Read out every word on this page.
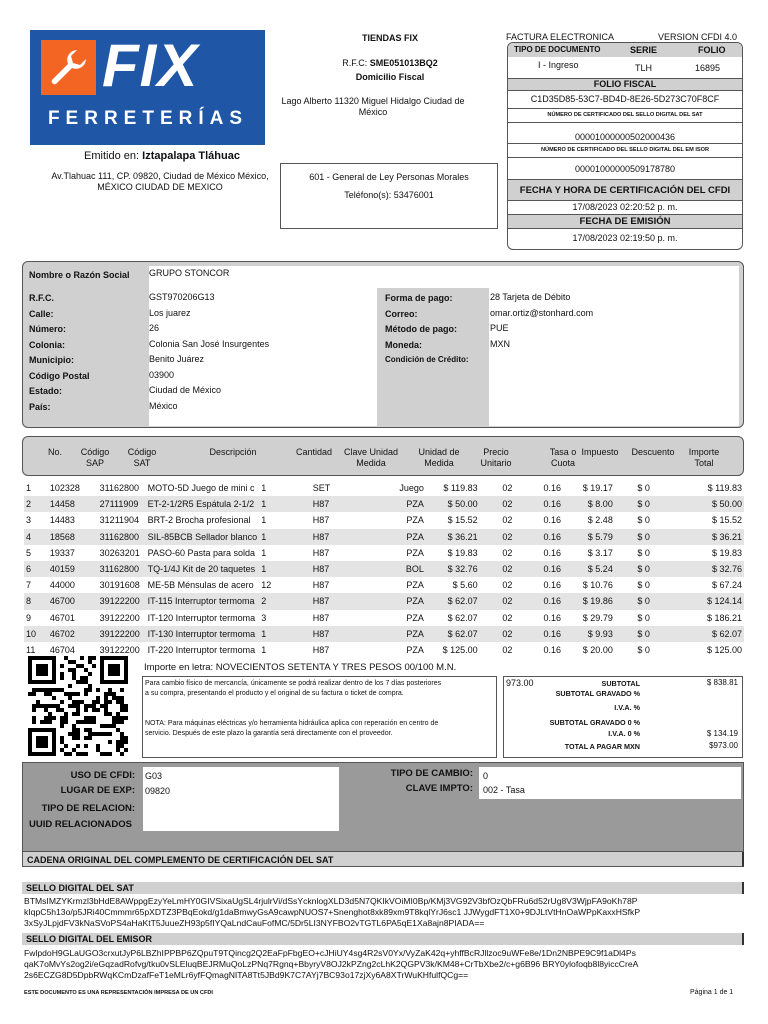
FIX
FERRETERÍAS
Emitido en: Iztapalapa Tláhuac
Av.Tlahuac 111, CP. 09820, Ciudad de México México, MÉXICO CIUDAD DE MEXICO
TIENDAS FIX
R.F.C: SME051013BQ2
Domicilio Fiscal
Lago Alberto 11320 Miguel Hidalgo Ciudad de México
601 - General de Ley Personas Morales
Teléfono(s): 53476001
FACTURA ELECTRONICA	VERSION CFDI 4.0
TIPO DE DOCUMENTO	SERIE	FOLIO
I - Ingreso	TLH	16895
FOLIO FISCAL
C1D35D85-53C7-BD4D-8E26-5D273C70F8CF
NÚMERO DE CERTIFICADO DEL SELLO DIGITAL DEL SAT
00001000000502000436
NÚMERO DE CERTIFICADO DEL SELLO DIGITAL DEL EM ISOR
00001000000509178780
FECHA Y HORA DE CERTIFICACIÓN DEL CFDI
17/08/2023 02:20:52 p. m.
FECHA DE EMISIÓN
17/08/2023 02:19:50 p. m.
Nombre o Razón Social GRUPO STONCOR
R.F.C.	GST970206G13
Calle:	Los juarez
Número:	26
Colonia:	Colonia San José Insurgentes
Municipio:	Benito Juárez
Código Postal	03900
Estado:	Ciudad de México
País:	México
Forma de pago:	28 Tarjeta de Débito
Correo:	omar.ortiz@stonhard.com
Método de pago:	PUE
Moneda:	MXN
Condición de Crédito:
No.	Código SAP
Código SAT
Descripción	Cantidad	Clave Unidad Medida
Unidad de Medida
Precio Unitario
Tasa o Cuota
Impuesto	Descuento	Importe Total
1	102328	31162800	MOTO-5D Juego de mini c	1	SET	Juego	$ 119.83	02	0.16	$ 19.17	$ 0	$ 119.83
2	14458	27111909	ET-2-1/2R5 Espátula 2-1/2	1	H87	PZA	$ 50.00	02	0.16	$ 8.00	$ 0	$ 50.00
3	14483	31211904	BRT-2 Brocha profesional	1	H87	PZA	$ 15.52	02	0.16	$ 2.48	$ 0	$ 15.52
4	18568	31162800	SIL-85BCB Sellador blanco	1	H87	PZA	$ 36.21	02	0.16	$ 5.79	$ 0	$ 36.21
5	19337	30263201	PASO-60 Pasta para solda	1	H87	PZA	$ 19.83	02	0.16	$ 3.17	$ 0	$ 19.83
6	40159	31162800	TQ-1/4J Kit de 20 taquetes	1	H87	BOL	$ 32.76	02	0.16	$ 5.24	$ 0	$ 32.76
7	44000	30191608	ME-5B Ménsulas de acero	12	H87	PZA	$ 5.60	02	0.16	$ 10.76	$ 0	$ 67.24
8	46700	39122200	IT-115 Interruptor termoma	2	H87	PZA	$ 62.07	02	0.16	$ 19.86	$ 0	$ 124.14
9	46701	39122200	IT-120 Interruptor termoma	3	H87	PZA	$ 62.07	02	0.16	$ 29.79	$ 0	$ 186.21
10	46702	39122200	IT-130 Interruptor termoma	1	H87	PZA	$ 62.07	02	0.16	$ 9.93	$ 0	$ 62.07
11	46704	39122200	IT-220 Interruptor termoma	1	H87	PZA	$ 125.00	02	0.16	$ 20.00	$ 0	$ 125.00
Importe en letra: NOVECIENTOS SETENTA Y TRES PESOS 00/100 M.N.
Para cambio físico de mercancía, únicamente se podrá realizar dentro de los 7 días posteriores a su compra, presentando el producto y el original de su factura o ticket de compra.
NOTA: Para máquinas eléctricas y/o herramienta hidráulica aplica con reperación en centro de servicio. Después de este plazo la garantía será directamente con el proveedor.
973.00	SUBTOTAL	$ 838.81
SUBTOTAL GRAVADO %
I.V.A. %
SUBTOTAL GRAVADO 0 %
I.V.A. 0 %	$ 134.19
TOTAL A PAGAR MXN	$973.00
USO DE CFDI: G03
LUGAR DE EXP: 09820
TIPO DE RELACION:
UUID RELACIONADOS
TIPO DE CAMBIO: 0
CLAVE IMPTO: 002 - Tasa
CADENA ORIGINAL DEL COMPLEMENTO DE CERTIFICACIÓN DEL SAT
SELLO DIGITAL DEL SAT
BTMsIMZYKrmzl3bHdE8AWppgEzyYeLmHY0GIVSixaUgSL4rjulrVi/dSsYcknlogXLD3d5N7QKIkVOiMI0Bp/KMj3VG92V3bfOzQbFRu6d52rUg8V3WjpFA9oKh78P kIqpC5h13o/p5JRi40Cmmmr65pXDTZ3PBqEokd/g1daBmwyGsA9cawpNUOS7+Snenghot8xk89xm9T8kqlYrJ6sc1 JJWygdFT1X0+9DJLtVtHnOaWPpKaxxHSfkP 3xSyJLpjdFV3kNaSVoPS4aHaKtT5JuueZH93p5fIYQaLndCauFofMC/5Dr5LI3NYFBO2vTGTL6PA5qE1Xa8ajn8PIADA==
SELLO DIGITAL DEL EMISOR
FwlpdoH9GLaUGO3crxutJyP6LBZhIPPBP6ZQpuT9TQincg2Q2EaFpFbgEO+cJHiUY4sg4R2sV0Yx/VyZaK42q+yhffBcRJllzoc9uWFe8e/1Dn2NBPE9C9f1aDl4Ps qaK7oMvYs2og2i/eGqzadRofvg/tku0vSLEluqBEJRMuQoLzPNq7Rgnq+BbyryV8OJ2kPZng2cLhK2QGPV3k/KM48+CrTbXbe2/c+g6B96 BRY0ylofoqb8l8yiccCreA 2s6ECZG8D5DpbRWqKCmDzafFeT1eMLr6yfFQmagNITA8Tt5JBd9K7C7AYj7BC93o17zjXy6A8XTrWuKHfulfQCg==
ESTE DOCUMENTO ES UNA REPRESENTACIÓN IMPRESA DE UN CFDI	Página 1 de 1
